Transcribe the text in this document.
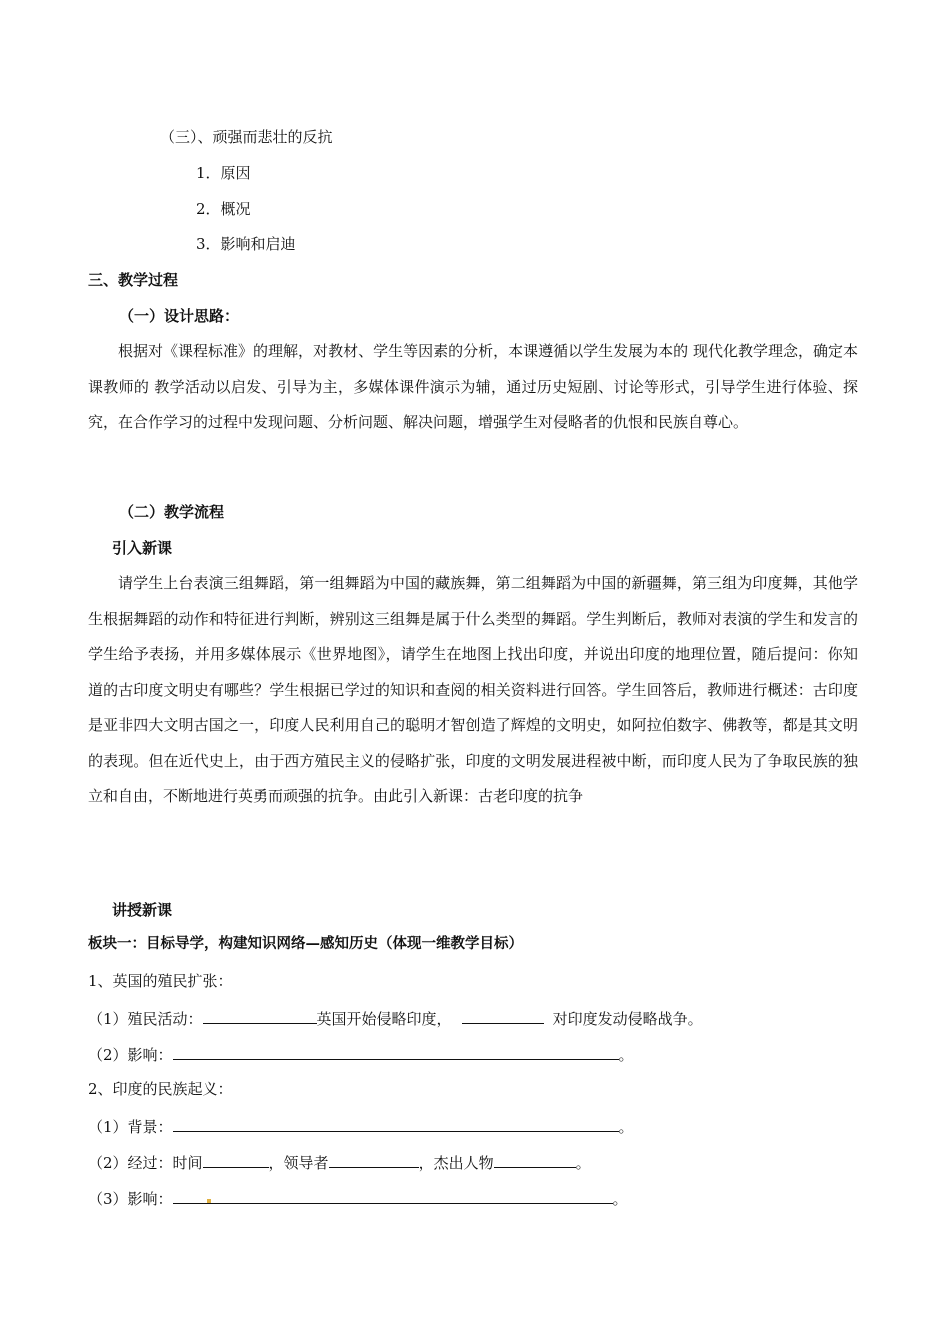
（三）、顽强而悲壮的反抗
1．原因
2．概况
3．影响和启迪
三、教学过程
（一）设计思路：
根据对《课程标准》的理解，对教材、学生等因素的分析，本课遵循以学生发展为本的 现代化教学理念，确定本课教师的 教学活动以启发、引导为主，多媒体课件演示为辅，通过历史短剧、讨论等形式，引导学生进行体验、探究，在合作学习的过程中发现问题、分析问题、解决问题，增强学生对侵略者的仇恨和民族自尊心。
（二）教学流程
引入新课
请学生上台表演三组舞蹈，第一组舞蹈为中国的藏族舞，第二组舞蹈为中国的新疆舞，第三组为印度舞，其他学生根据舞蹈的动作和特征进行判断，辨别这三组舞是属于什么类型的舞蹈。学生判断后，教师对表演的学生和发言的学生给予表扬，并用多媒体展示《世界地图》，请学生在地图上找出印度，并说出印度的地理位置，随后提问：你知道的古印度文明史有哪些？学生根据已学过的知识和查阅的相关资料进行回答。学生回答后，教师进行概述：古印度是亚非四大文明古国之一，印度人民利用自己的聪明才智创造了辉煌的文明史，如阿拉伯数字、佛教等，都是其文明的表现。但在近代史上，由于西方殖民主义的侵略扩张，印度的文明发展进程被中断，而印度人民为了争取民族的独立和自由，不断地进行英勇而顽强的抗争。由此引入新课：古老印度的抗争
讲授新课
板块一：目标导学，构建知识网络—感知历史（体现一维教学目标）
1、英国的殖民扩张：
（1）殖民活动：	英国开始侵略印度，	对印度发动侵略战争。
（2）影响：	。
2、印度的民族起义：
（1）背景：	。
（2）经过：时间	，领导者	，杰出人物	。
（3）影响：	。
